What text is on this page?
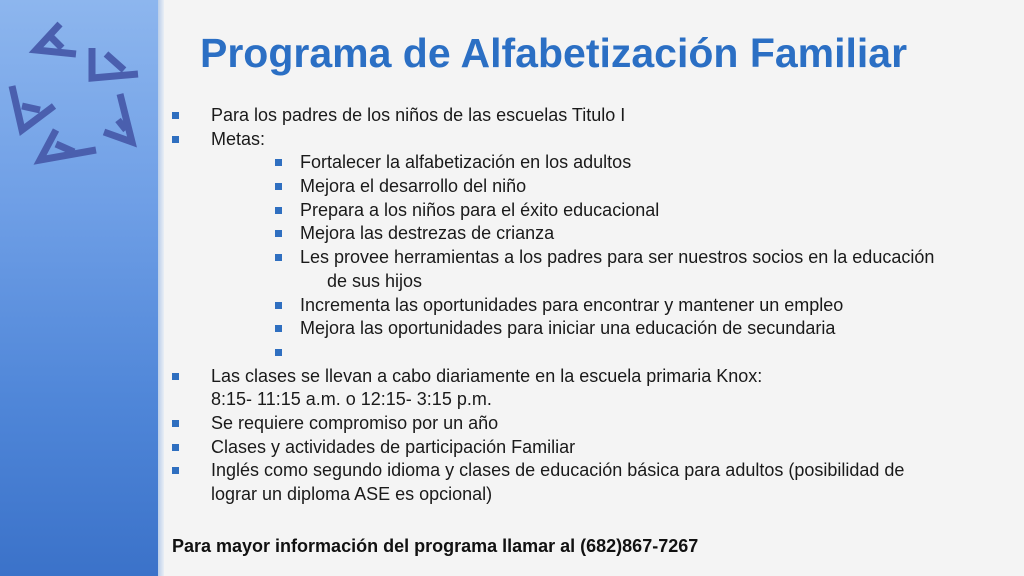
Programa de Alfabetización Familiar
Para los padres de los niños de las escuelas Titulo I
Metas:
Fortalecer la alfabetización en los adultos
Mejora el desarrollo del niño
Prepara a los niños para el éxito educacional
Mejora las destrezas de crianza
Les provee herramientas a los padres para ser nuestros socios en la educación
de sus hijos
Incrementa las oportunidades para encontrar y mantener un empleo
Mejora las oportunidades para iniciar una educación de secundaria
Las clases se llevan a cabo diariamente en la escuela primaria Knox:
8:15- 11:15 a.m. o 12:15- 3:15 p.m.
Se requiere compromiso por un año
Clases y actividades de participación Familiar
Inglés como segundo idioma y clases de educación básica para adultos (posibilidad de
lograr un diploma ASE es opcional)
Para mayor información del programa llamar al (682)867-7267
